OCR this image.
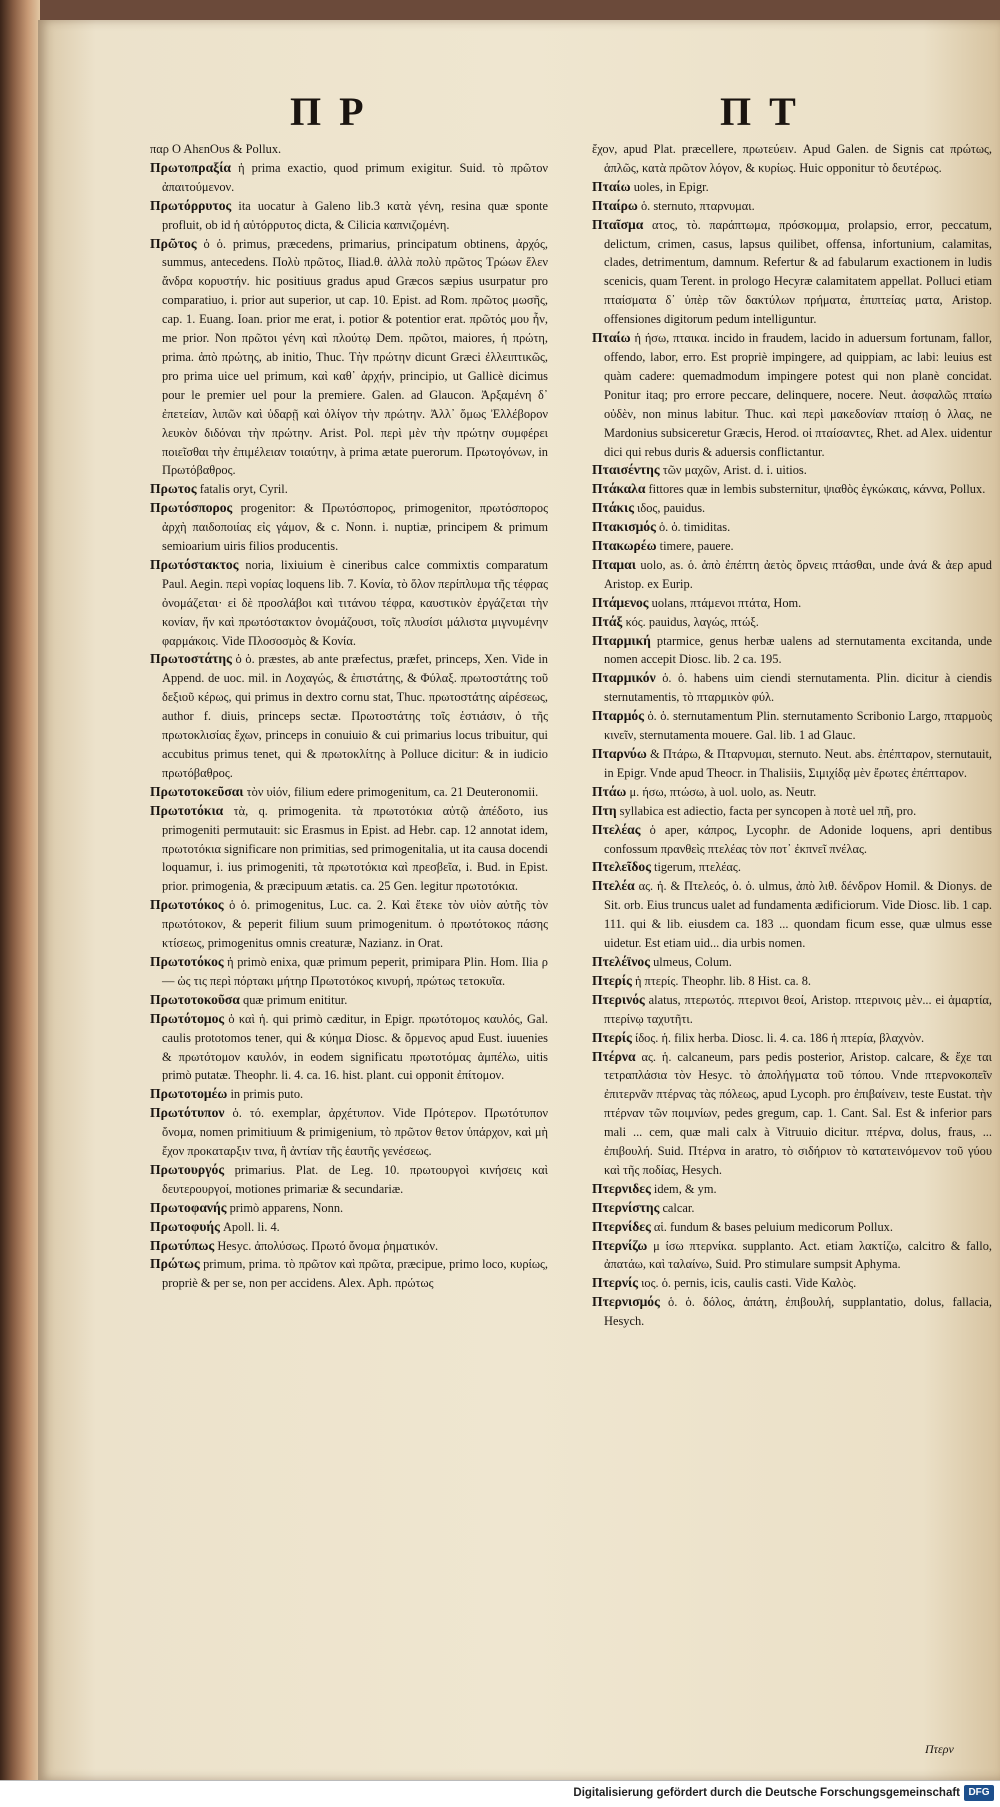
ΠΡ	ΠΤ

παρ Ο ΑhεnΟυs & Pollux.

Πρωτοπραξία ἡ prima exactio, quod primum exigitur. Suid. τὸ πρῶτον ἀπαιτούμενον.

Πρωτόρρυτος ita uocatur à Galeno lib.3 κατὰ γένη, resina quæ sponte profluit, ob id ἡ αὐτόρρυτος dicta, & Cilicia καπνιζομένη.

Πρῶτος ὁ ὁ. primus, præcedens, primarius, principatum obtinens, ἀρχός, summus, antecedens. Πολὺ πρῶτος, Iliad.θ. ἀλλὰ πολὺ πρῶτος Τρώων ἕλεν ἄνδρα κορυστήν. hic positiuus gradus apud Græcos sæpius usurpatur pro comparatiuo, i. prior aut superior, ut cap. 10. Epist. ad Rom. πρῶτος μωσῆς, cap. 1. Euang. Ioan. prior me erat, i. potior & potentior erat. πρῶτός μου ἦν, me prior. Non πρῶτοι γένη καὶ πλούτῳ Dem. πρῶτοι, maiores, ἡ πρώτη, prima. ἀπὸ πρώτης, ab initio, Thuc. Τὴν πρώτην dicunt Græci ἐλλειπτικῶς, pro prima uice uel primum, καὶ καθ᾽ ἀρχήν, principio, ut Gallicè dicimus pour le premier uel pour la premiere. Galen. ad Glaucon. Ἀρξαμένη δ᾽ ἐπετείαν, λιπῶν καὶ ὑδαρῇ καὶ ὀλίγον τὴν πρώτην. Ἀλλ᾽ ὅμως Ἐλλέβορον λευκὸν διδόναι τὴν πρώτην. Arist. Pol. περὶ μὲν τὴν πρώτην συμφέρει ποιεῖσθαι τὴν ἐπιμέλειαν τοιαύτην, à prima ætate puerorum. Πρωτογόνων, in Πρωτόβαθρος.

Πρωτος fatalis oryt, Cyril.

Πρωτόσπορος progenitor: & Πρωτόσπορος, primogenitor, πρωτόσπορος ἀρχὴ παιδοποιίας εἰς γάμον, & c. Nonn. i. nuptiæ, principem & primum semioarium uiris filios producentis.

Πρωτόστακτος noria, lixiuium è cineribus calce commixtis comparatum Paul. Aegin. περὶ νορίας loquens lib. 7. Κονία, τὸ ὅλον περίπλυμα τῆς τέφρας ὀνομάζεται· εἰ δὲ προσλάβοι καὶ τιτάνου τέφρα, καυστικὸν ἐργάζεται τὴν κονίαν, ἥν καὶ πρωτόστακτον ὀνομάζουσι, τοῖς πλυσίσι μάλιστα μιγνυμένην φαρμάκοις. Vide Πλοσοσμὸς & Κονία.

Πρωτοστάτης ὁ ὁ. præstes, ab ante præfectus, præfet, princeps, Xen. Vide in Append. de uoc. mil. in Λοχαγώς, & ἐπιστάτης, & Φύλαξ. πρωτοστάτης τοῦ δεξιοῦ κέρως, qui primus in dextro cornu stat, Thuc. πρωτοστάτης αἱρέσεως, author f. diuis, princeps sectæ. Πρωτοστάτης τοῖς ἑστιάσιν, ὁ τῆς πρωτοκλισίας ἔχων, princeps in conuiuio & cui primarius locus tribuitur, qui accubitus primus tenet, qui & πρωτοκλίτης à Polluce dicitur: & in iudicio πρωτόβαθρος.

Πρωτοτοκεῦσαι τὸν υἱόν, filium edere primogenitum, ca. 21 Deuteronomii.

Πρωτοτόκια τὰ, q. primogenita. τὰ πρωτοτόκια αὐτῷ ἀπέδοτο, ius primogeniti permutauit: sic Erasmus in Epist. ad Hebr. cap. 12 annotat idem, πρωτοτόκια significare non primitias, sed primogenitalia, ut ita causa docendi loquamur, i. ius primogeniti, τὰ πρωτοτόκια καὶ πρεσβεῖα, i. Bud. in Epist. prior. primogenia, & præcipuum ætatis. ca. 25 Gen. legitur πρωτοτόκια.

Πρωτοτόκος ὁ ὁ. primogenitus, Luc. ca. 2. Καὶ ἔτεκε τὸν υἱὸν αὐτῆς τὸν πρωτότοκον, & peperit filium suum primogenitum. ὁ πρωτότοκος πάσης κτίσεως, primogenitus omnis creaturæ, Nazianz. in Orat.

Πρωτοτόκος ἡ primò enixa, quæ primum peperit, primipara Plin. Hom. Ilia ρ — ὡς τις περὶ πόρτακι μήτηρ Πρωτοτόκος κινυρή, πρώτως τετοκυῖα.

Πρωτοτοκοῦσα quæ primum enititur.

Πρωτότομος ὁ καὶ ἡ. qui primò cæditur, in Epigr. πρωτότομος καυλός, Gal. caulis prototomos tener, qui & κύημα Diosc. & ὄρμενος apud Eust. iuuenies & πρωτότομον καυλόν, in eodem significatu πρωτοτόμας ἀμπέλω, uitis primò putatæ. Theophr. li. 4. ca. 16. hist. plant. cui opponit ἐπίτομον.

Πρωτοτομέω in primis puto.

Πρωτότυπον ὁ. τό. exemplar, ἀρχέτυπον. Vide Πρότερον. Πρωτότυπον ὄνομα, nomen primitiuum & primigenium, τὸ πρῶτον θετον ὑπάρχον, καὶ μὴ ἔχον προκαταρξιν τινα, ἢ ἀντίαν τῆς ἑαυτῆς γενέσεως.

Πρωτουργός primarius. Plat. de Leg. 10. πρωτουργοὶ κινήσεις καὶ δευτερουργοί, motiones primariæ & secundariæ.

Πρωτοφανής primò apparens, Nonn.

Πρωτοφυής Apoll. li. 4.

Πρωτύπως Hesyc. ἀπολύσως. Πρωτό ὄνομα ῥηματικόν.

Πρώτως primum, prima. τὸ πρῶτον καὶ πρῶτα, præcipue, primo loco, κυρίως, propriè & per se, non per accidens. Alex. Aph. πρώτως

ἔχον, apud Plat. præcellere, πρωτεύειν. Apud Galen. de Signis cat πρώτως, ἁπλῶς, κατὰ πρῶτον λόγον, & κυρίως. Huic opponitur τὸ δευτέρως.

Πταίω uoles, in Epigr.

Πταίρω ὁ. sternuto, πταρνυμαι.

Πταῖσμα ατος, τὸ. παράπτωμα, πρόσκομμα, prolapsio, error, peccatum, delictum, crimen, casus, lapsus quilibet, offensa, infortunium, calamitas, clades, detrimentum, damnum. Refertur & ad fabularum exactionem in ludis scenicis, quam Terent. in prologo Hecyræ calamitatem appellat. Polluci etiam πταίσματα δ᾽ ὑπὲρ τῶν δακτύλων πρήματα, ἐπιπτείας ματα, Aristop. offensiones digitorum pedum intelliguntur.

Πταίω ἡ ήσω, πταικα. incido in fraudem, lacido in aduersum fortunam, fallor, offendo, labor, erro. Est propriè impingere, ad quippiam, ac labi: leuius est quàm cadere: quemadmodum impingere potest qui non planè concidat. Ponitur itaq; pro errore peccare, delinquere, nocere. Neut. ἀσφαλῶς πταίω οὐδὲν, non minus labitur. Thuc. καὶ περὶ μακεδονίαν πταίσῃ ὁ λλας, ne Mardonius subsiceretur Græcis, Herod. οἱ πταίσαντες, Rhet. ad Alex. uidentur dici qui rebus duris & aduersis conflictantur.

Πταισέντης τῶν μαχῶν, Arist. d. i. uitios.

Πτάκαλα fittores quæ in lembis substernitur, ψιαθὸς ἐγκώκαις, κάννα, Pollux.

Πτάκις ιδος, pauidus.

Πτακισμός ὁ. ὁ. timiditas.

Πτακωρέω timere, pauere.

Πταμαι uolo, as. ὁ. ἀπὸ ἐπέπτη ἀετὸς ὄρνεις πτάσθαι, unde ἀνά & ἀερ apud Aristop. ex Eurip.

Πτάμενος uolans, πτάμενοι πτάτα, Hom.

Πτάξ κός. pauidus, λαγώς, πτώξ.

Πταρμική ptarmice, genus herbæ ualens ad sternutamenta excitanda, unde nomen accepit Diosc. lib. 2 ca. 195.

Πταρμικόν ὁ. ὁ. habens uim ciendi sternutamenta. Plin. dicitur à ciendis sternutamentis, τὸ πταρμικὸν φύλ.

Πταρμός ὁ. ὁ. sternutamentum Plin. sternutamento Scribonio Largo, πταρμοὺς κινεῖν, sternutamenta mouere. Gal. lib. 1 ad Glauc.

Πταρνύω & Πτάρω, & Πταρνυμαι, sternuto. Neut. abs. ἐπέπταρον, sternutauit, in Epigr. Vnde apud Theocr. in Thalisiis, Σιμιχίδᾳ μὲν ἔρωτες ἐπέπταρον.

Πτάω μ. ήσω, πτώσω, à uol. uolo, as. Neutr.

Πτη syllabica est adiectio, facta per syncopen à ποτὲ uel πῆ, pro.

Πτελέας ὁ aper, κάπρος, Lycophr. de Adonide loquens, apri dentibus confossum πρανθεὶς πτελέας τὸν ποτ᾽ ἐκπνεῖ πνέλας.

Πτελεῖδος tigerum, πτελέας.

Πτελέα ας. ἡ. & Πτελεός, ὁ. ὁ. ulmus, ἀπὸ λιθ. δένδρον Homil. & Dionys. de Sit. orb. Eius truncus ualet ad fundamenta ædificiorum. Vide Diosc. lib. 1 cap. 111. qui & lib. eiusdem ca. 183 ... quondam ficum esse, quæ ulmus esse uidetur. Est etiam uid... dia urbis nomen.

Πτελέϊνος ulmeus, Colum.

Πτερίς ἡ πτερίς. Theophr. lib. 8 Hist. ca. 8.

Πτερινός alatus, πτερωτός. πτερινοι θεοί, Aristop. πτερινοις μὲν... ei ἁμαρτία, πτερίνῳ ταχυτῆτι.

Πτερίς ίδος. ἡ. filix herba. Diosc. li. 4. ca. 186 ἡ πτερία, βλαχνὸν.

Πτέρνα ας. ἡ. calcaneum, pars pedis posterior, Aristop. calcare, & ἔχε ται τετραπλάσια τὸν Hesyc. τὸ ἀπολήγματα τοῦ τόπου. Vnde πτερνοκοπεῖν ἐπιτερνᾶν πτέρνας τὰς πόλεως, apud Lycoph. pro ἐπιβαίνειν, teste Eustat. τὴν πτέρναν τῶν ποιμνίων, pedes gregum, cap. 1. Cant. Sal. Est & inferior pars mali ... cem, quæ mali calx à Vitruuio dicitur. πτέρνα, dolus, fraus, ... ἐπιβουλή. Suid. Πτέρνα in aratro, τὸ σιδήριον τὸ κατατεινόμενον τοῦ γύου καὶ τῆς ποδίας, Hesych.

Πτερνιδες idem, & ym.

Πτερνίστης calcar.

Πτερνίδες αἱ. fundum & bases peluium medicorum Pollux.

Πτερνίζω μ ίσω πτερνίκα. supplanto. Act. etiam λακτίζω, calcitro & fallo, ἀπατάω, καὶ ταλαίνω, Suid. Pro stimulare sumpsit Aphyma.

Πτερνίς ιος. ὁ. pernis, icis, caulis casti. Vide Καλὸς.

Πτερνισμός ὁ. ὁ. δόλος, ἀπάτη, ἐπιβουλή, supplantatio, dolus, fallacia, Hesych.

Πτερν
Digitalisierung gefördert durch die Deutsche Forschungsgemeinschaft DFG
